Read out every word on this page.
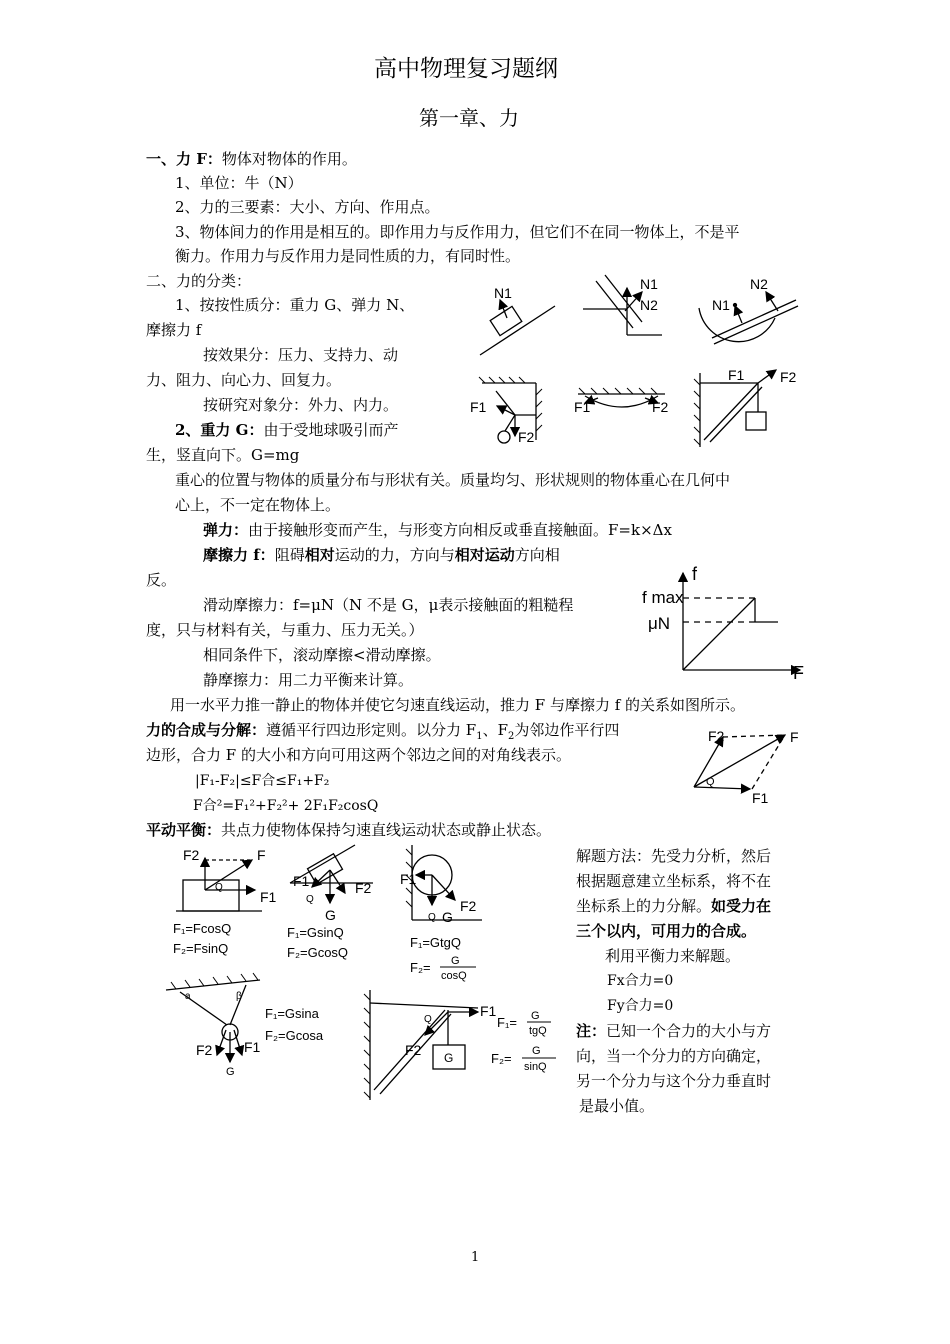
高中物理复习题纲
第一章、力
一、力 F：物体对物体的作用。
1、单位：牛（N）
2、力的三要素：大小、方向、作用点。
3、物体间力的作用是相互的。即作用力与反作用力，但它们不在同一物体上，不是平
衡力。作用力与反作用力是同性质的力，有同时性。
二、力的分类：
1、按按性质分：重力 G、弹力 N、
摩擦力 f
按效果分：压力、支持力、动
力、阻力、向心力、回复力。
按研究对象分：外力、内力。
2、重力 G：由于受地球吸引而产
生，竖直向下。G=mg
重心的位置与物体的质量分布与形状有关。质量均匀、形状规则的物体重心在几何中
心上，不一定在物体上。
弹力：由于接触形变而产生，与形变方向相反或垂直接触面。F=k×Δx
摩擦力 f：阻碍相对运动的力，方向与相对运动方向相
反。
滑动摩擦力：f=μN（N 不是 G，μ表示接触面的粗糙程
度，只与材料有关，与重力、压力无关。）
相同条件下，滚动摩擦<滑动摩擦。
静摩擦力：用二力平衡来计算。
用一水平力推一静止的物体并使它匀速直线运动，推力 F 与摩擦力 f 的关系如图所示。
力的合成与分解：遵循平行四边形定则。以分力 $F_1$、$F_2$为邻边作平行四
边形，合力 F 的大小和方向可用这两个邻边之间的对角线表示。
|F₁-F₂|≤F合≤F₁+F₂
F合²=F₁²+F₂²+ 2F₁F₂cosQ
平动平衡：共点力使物体保持匀速直线运动状态或静止状态。
解题方法：先受力分析，然后
根据题意建立坐标系，将不在
坐标系上的力分解。如受力在
三个以内，可用力的合成。
利用平衡力来解题。
Fx合力=0
Fy合力=0
注：已知一个合力的大小与方
向，当一个分力的方向确定，
另一个分力与这个分力垂直时
是最小值。
1
N1
N1
N2	N1
N2
F1
F2
F1	F2
F1	F2
f
f max
μN
F
F2	F
Q
F1
F2	F
F1
Q
F₁=FcosQ
F₂=FsinQ
F1	F2
G
Q
F₁=GsinQ
F₂=GcosQ
F1
F2
G
Q
F₁=GtgQ
F₂= G
cosQ
a	β
F2 F1
G
F₁=Gsina
F₂=Gcosa
F1
F2 G
Q	F₁= G
tgQ
F₂= G
sinQ
